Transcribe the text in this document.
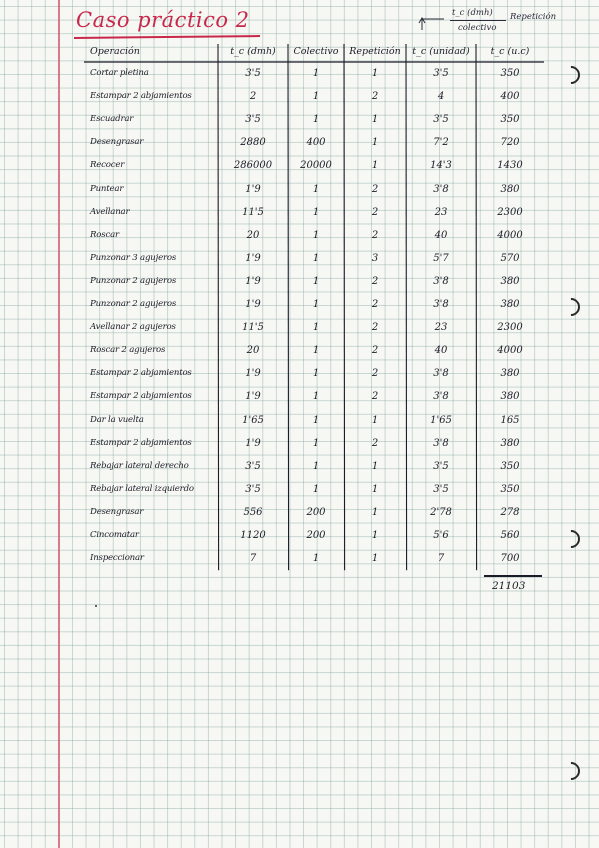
Caso práctico 2	t_c (dmh)
colectivo
Repetición
Operación	t_c (dmh)	Colectivo	Repetición	t_c (unidad)	t_c (u.c)
Cortar pletina	3'5	1	1	3'5	350
Estampar 2 abjamientos	2	1	2	4	400
Escuadrar	3'5	1	1	3'5	350
Desengrasar	2880	400	1	7'2	720
Recocer	286000	20000	1	14'3	1430
Puntear	1'9	1	2	3'8	380
Avellanar	11'5	1	2	23	2300
Roscar	20	1	2	40	4000
Punzonar 3 agujeros	1'9	1	3	5'7	570
Punzonar 2 agujeros	1'9	1	2	3'8	380
Punzonar 2 agujeros	1'9	1	2	3'8	380
Avellanar 2 agujeros	11'5	1	2	23	2300
Roscar 2 agujeros	20	1	2	40	4000
Estampar 2 abjamientos	1'9	1	2	3'8	380
Estampar 2 abjamientos	1'9	1	2	3'8	380
Dar la vuelta	1'65	1	1	1'65	165
Estampar 2 abjamientos	1'9	1	2	3'8	380
Rebajar lateral derecho	3'5	1	1	3'5	350
Rebajar lateral izquierdo	3'5	1	1	3'5	350
Desengrasar	556	200	1	2'78	278
Cincomatar	1120	200	1	5'6	560
Inspeccionar	7	1	1	7	700
21103
